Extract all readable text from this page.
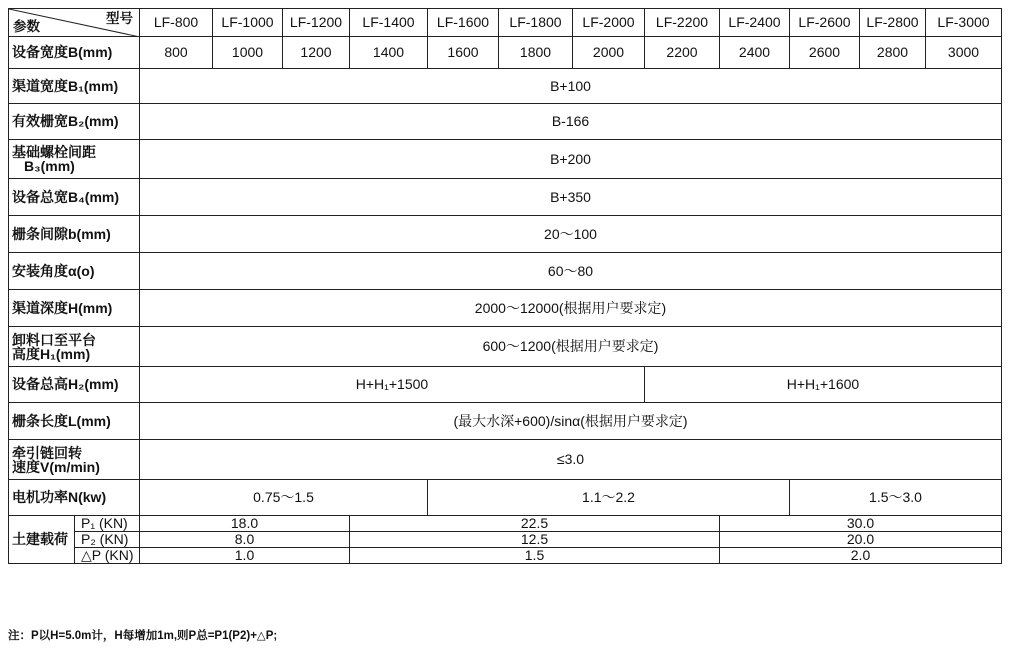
参数
型号		LF-800	LF-1000	LF-1200	LF-1400	LF-1600	LF-1800	LF-2000	LF-2200	LF-2400	LF-2600	LF-2800	LF-3000
设备宽度B(mm)		800	1000	1200	1400	1600	1800	2000	2200	2400	2600	2800	3000
渠道宽度B₁(mm)		B+100											
有效栅宽B₂(mm)		B-166											
基础螺栓间距
B₃(mm)		B+200											
设备总宽B₄(mm)		B+350											
栅条间隙b(mm)		20～100											
安装角度α(o)		60～80											
渠道深度H(mm)		2000～12000(根据用户要求定)											
卸料口至平台
高度H₁(mm)		600～1200(根据用户要求定)											
设备总高H₂(mm)		H+H₁+1500							H+H₁+1600				
栅条长度L(mm)		(最大水深+600)/sinα(根据用户要求定)											
牵引链回转
速度V(m/min)		≤3.0											
电机功率N(kw)		0.75～1.5				1.1～2.2					1.5～3.0		
土建载荷	P₁ (KN)	18.0			22.5					30.0			
	P₂ (KN)	8.0			12.5					20.0			
	△P (KN)	1.0			1.5					2.0			
注：P以H=5.0m计，H每增加1m,则P总=P1(P2)+△P;
